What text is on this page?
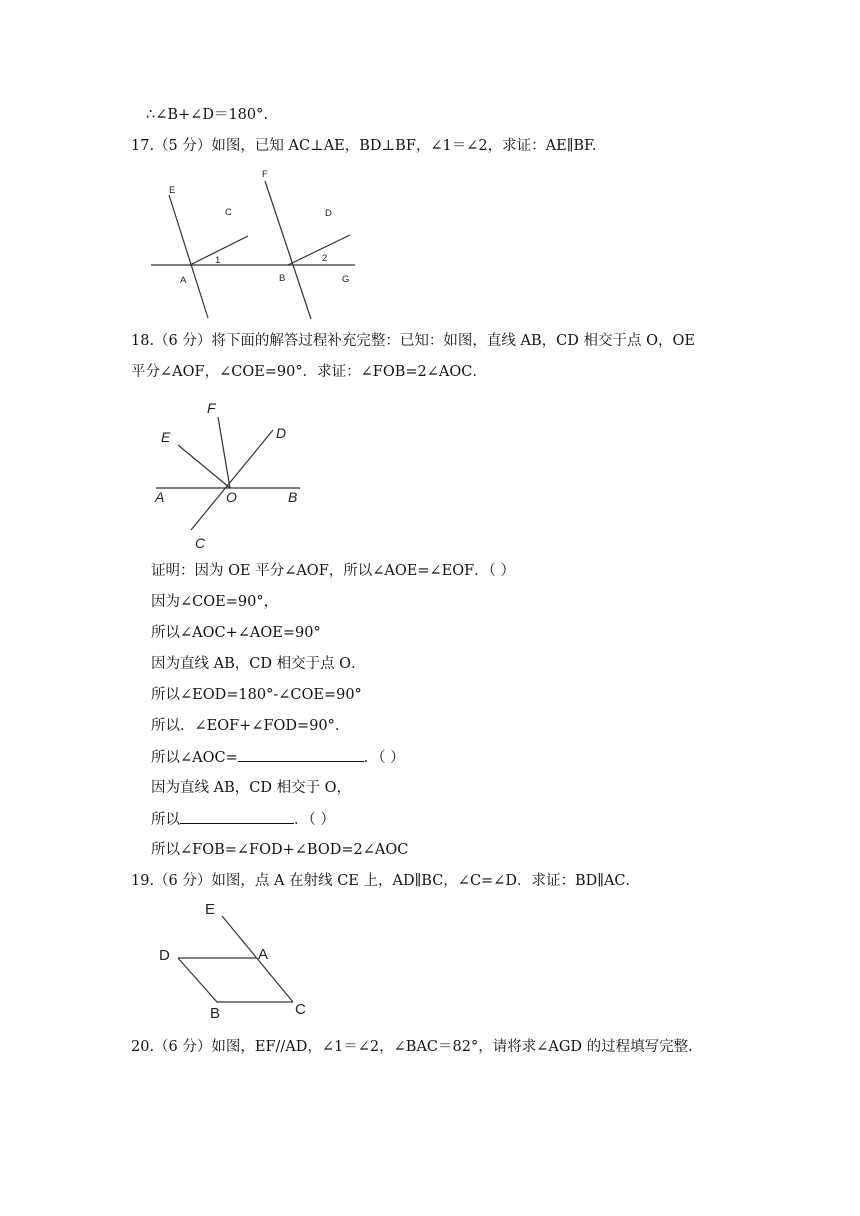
∴∠B+∠D＝180°.
17.（5 分）如图，已知 AC⊥AE，BD⊥BF，∠1＝∠2，求证：AE∥BF.
E
C
F
D
A
1
B
2
G
18.（6 分）将下面的解答过程补充完整：已知：如图，直线 AB，CD 相交于点 O，OE
平分∠AOF，∠COE=90°．求证：∠FOB=2∠AOC．
F
E	D
A	O	B
C
证明：因为 OE 平分∠AOF，所以∠AOE=∠EOF．（ ）
因为∠COE=90°，
所以∠AOC+∠AOE=90°
因为直线 AB，CD 相交于点 O．
所以∠EOD=180°-∠COE=90°
所以．∠EOF+∠FOD=90°．
所以∠AOC=	．（ ）
因为直线 AB，CD 相交于 O，
所以	．（ ）
所以∠FOB=∠FOD+∠BOD=2∠AOC
19.（6 分）如图，点 A 在射线 CE 上，AD∥BC，∠C=∠D．求证：BD∥AC．
E
D	A
B	C
20.（6 分）如图，EF//AD，∠1＝∠2，∠BAC＝82°，请将求∠AGD 的过程填写完整.
